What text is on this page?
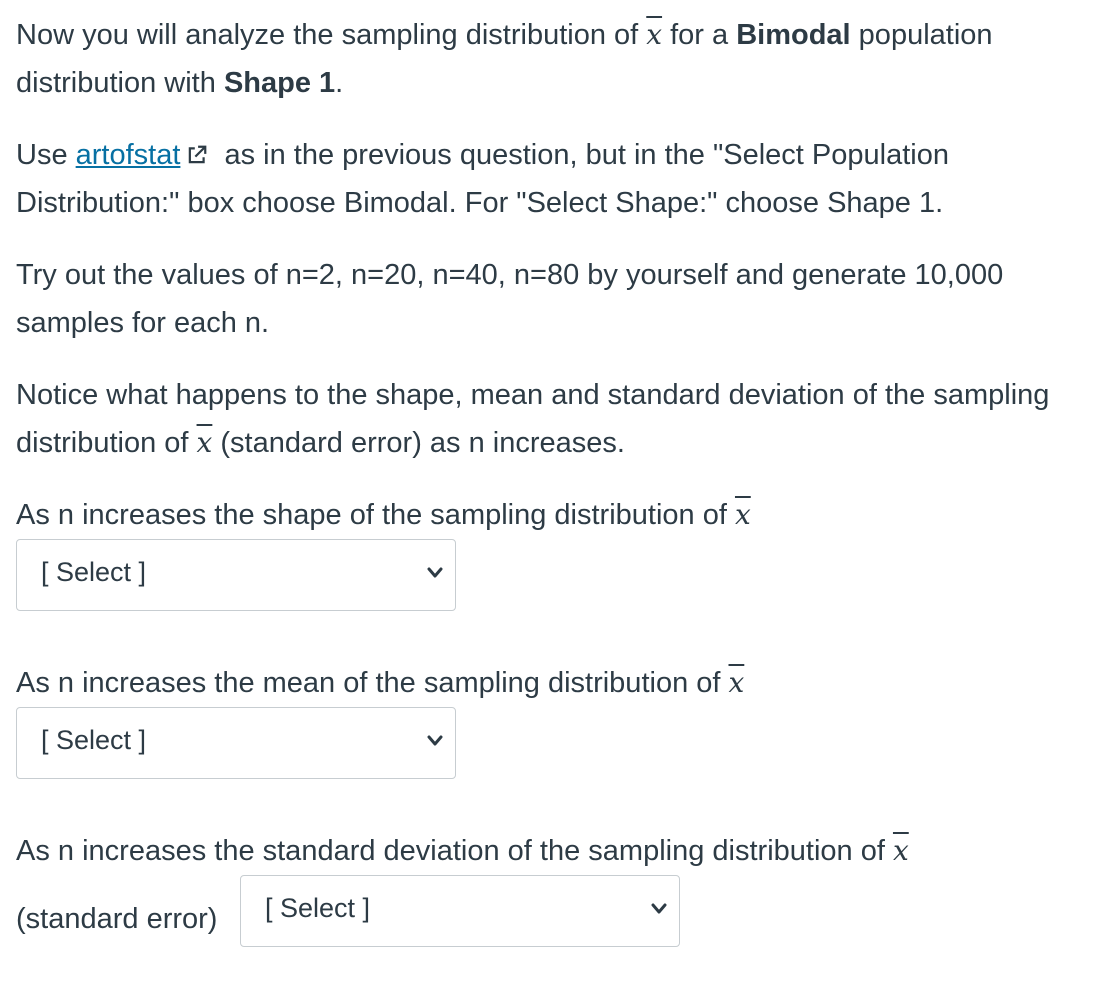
Now you will analyze the sampling distribution of $\overline{x}$ for a Bimodal population distribution with Shape 1.

Use artofstat as in the previous question, but in the "Select Population Distribution:" box choose Bimodal. For "Select Shape:" choose Shape 1.

Try out the values of n=2, n=20, n=40, n=80 by yourself and generate 10,000 samples for each n.

Notice what happens to the shape, mean and standard deviation of the sampling distribution of $\overline{x}$ (standard error) as n increases.

As n increases the shape of the sampling distribution of $\overline{x}$

[ Select ]

As n increases the mean of the sampling distribution of $\overline{x}$

[ Select ]

As n increases the standard deviation of the sampling distribution of $\overline{x}$

(standard error) [ Select ]
